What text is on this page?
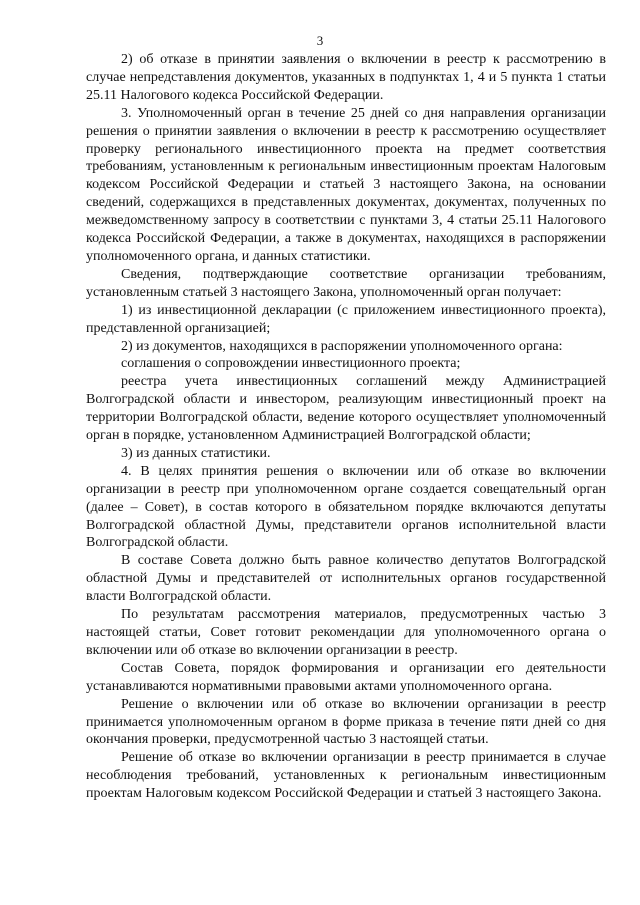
3

2) об отказе в принятии заявления о включении в реестр к рассмотрению в случае непредставления документов, указанных в подпунктах 1, 4 и 5 пункта 1 статьи 25.11 Налогового кодекса Российской Федерации.

3. Уполномоченный орган в течение 25 дней со дня направления организации решения о принятии заявления о включении в реестр к рассмотрению осуществляет проверку регионального инвестиционного проекта на предмет соответствия требованиям, установленным к региональным инвестиционным проектам Налоговым кодексом Российской Федерации и статьей 3 настоящего Закона, на основании сведений, содержащихся в представленных документах, документах, полученных по межведомственному запросу в соответствии с пунктами 3, 4 статьи 25.11 Налогового кодекса Российской Федерации, а также в документах, находящихся в распоряжении уполномоченного органа, и данных статистики.

Сведения, подтверждающие соответствие организации требованиям, установленным статьей 3 настоящего Закона, уполномоченный орган получает:

1) из инвестиционной декларации (с приложением инвестиционного проекта), представленной организацией;

2) из документов, находящихся в распоряжении уполномоченного органа:

соглашения о сопровождении инвестиционного проекта;

реестра учета инвестиционных соглашений между Администрацией Волгоградской области и инвестором, реализующим инвестиционный проект на территории Волгоградской области, ведение которого осуществляет уполномоченный орган в порядке, установленном Администрацией Волгоградской области;

3) из данных статистики.

4. В целях принятия решения о включении или об отказе во включении организации в реестр при уполномоченном органе создается совещательный орган (далее – Совет), в состав которого в обязательном порядке включаются депутаты Волгоградской областной Думы, представители органов исполнительной власти Волгоградской области.

В составе Совета должно быть равное количество депутатов Волгоградской областной Думы и представителей от исполнительных органов государственной власти Волгоградской области.

По результатам рассмотрения материалов, предусмотренных частью 3 настоящей статьи, Совет готовит рекомендации для уполномоченного органа о включении или об отказе во включении организации в реестр.

Состав Совета, порядок формирования и организации его деятельности устанавливаются нормативными правовыми актами уполномоченного органа.

Решение о включении или об отказе во включении организации в реестр принимается уполномоченным органом в форме приказа в течение пяти дней со дня окончания проверки, предусмотренной частью 3 настоящей статьи.

Решение об отказе во включении организации в реестр принимается в случае несоблюдения требований, установленных к региональным инвестиционным проектам Налоговым кодексом Российской Федерации и статьей 3 настоящего Закона.
